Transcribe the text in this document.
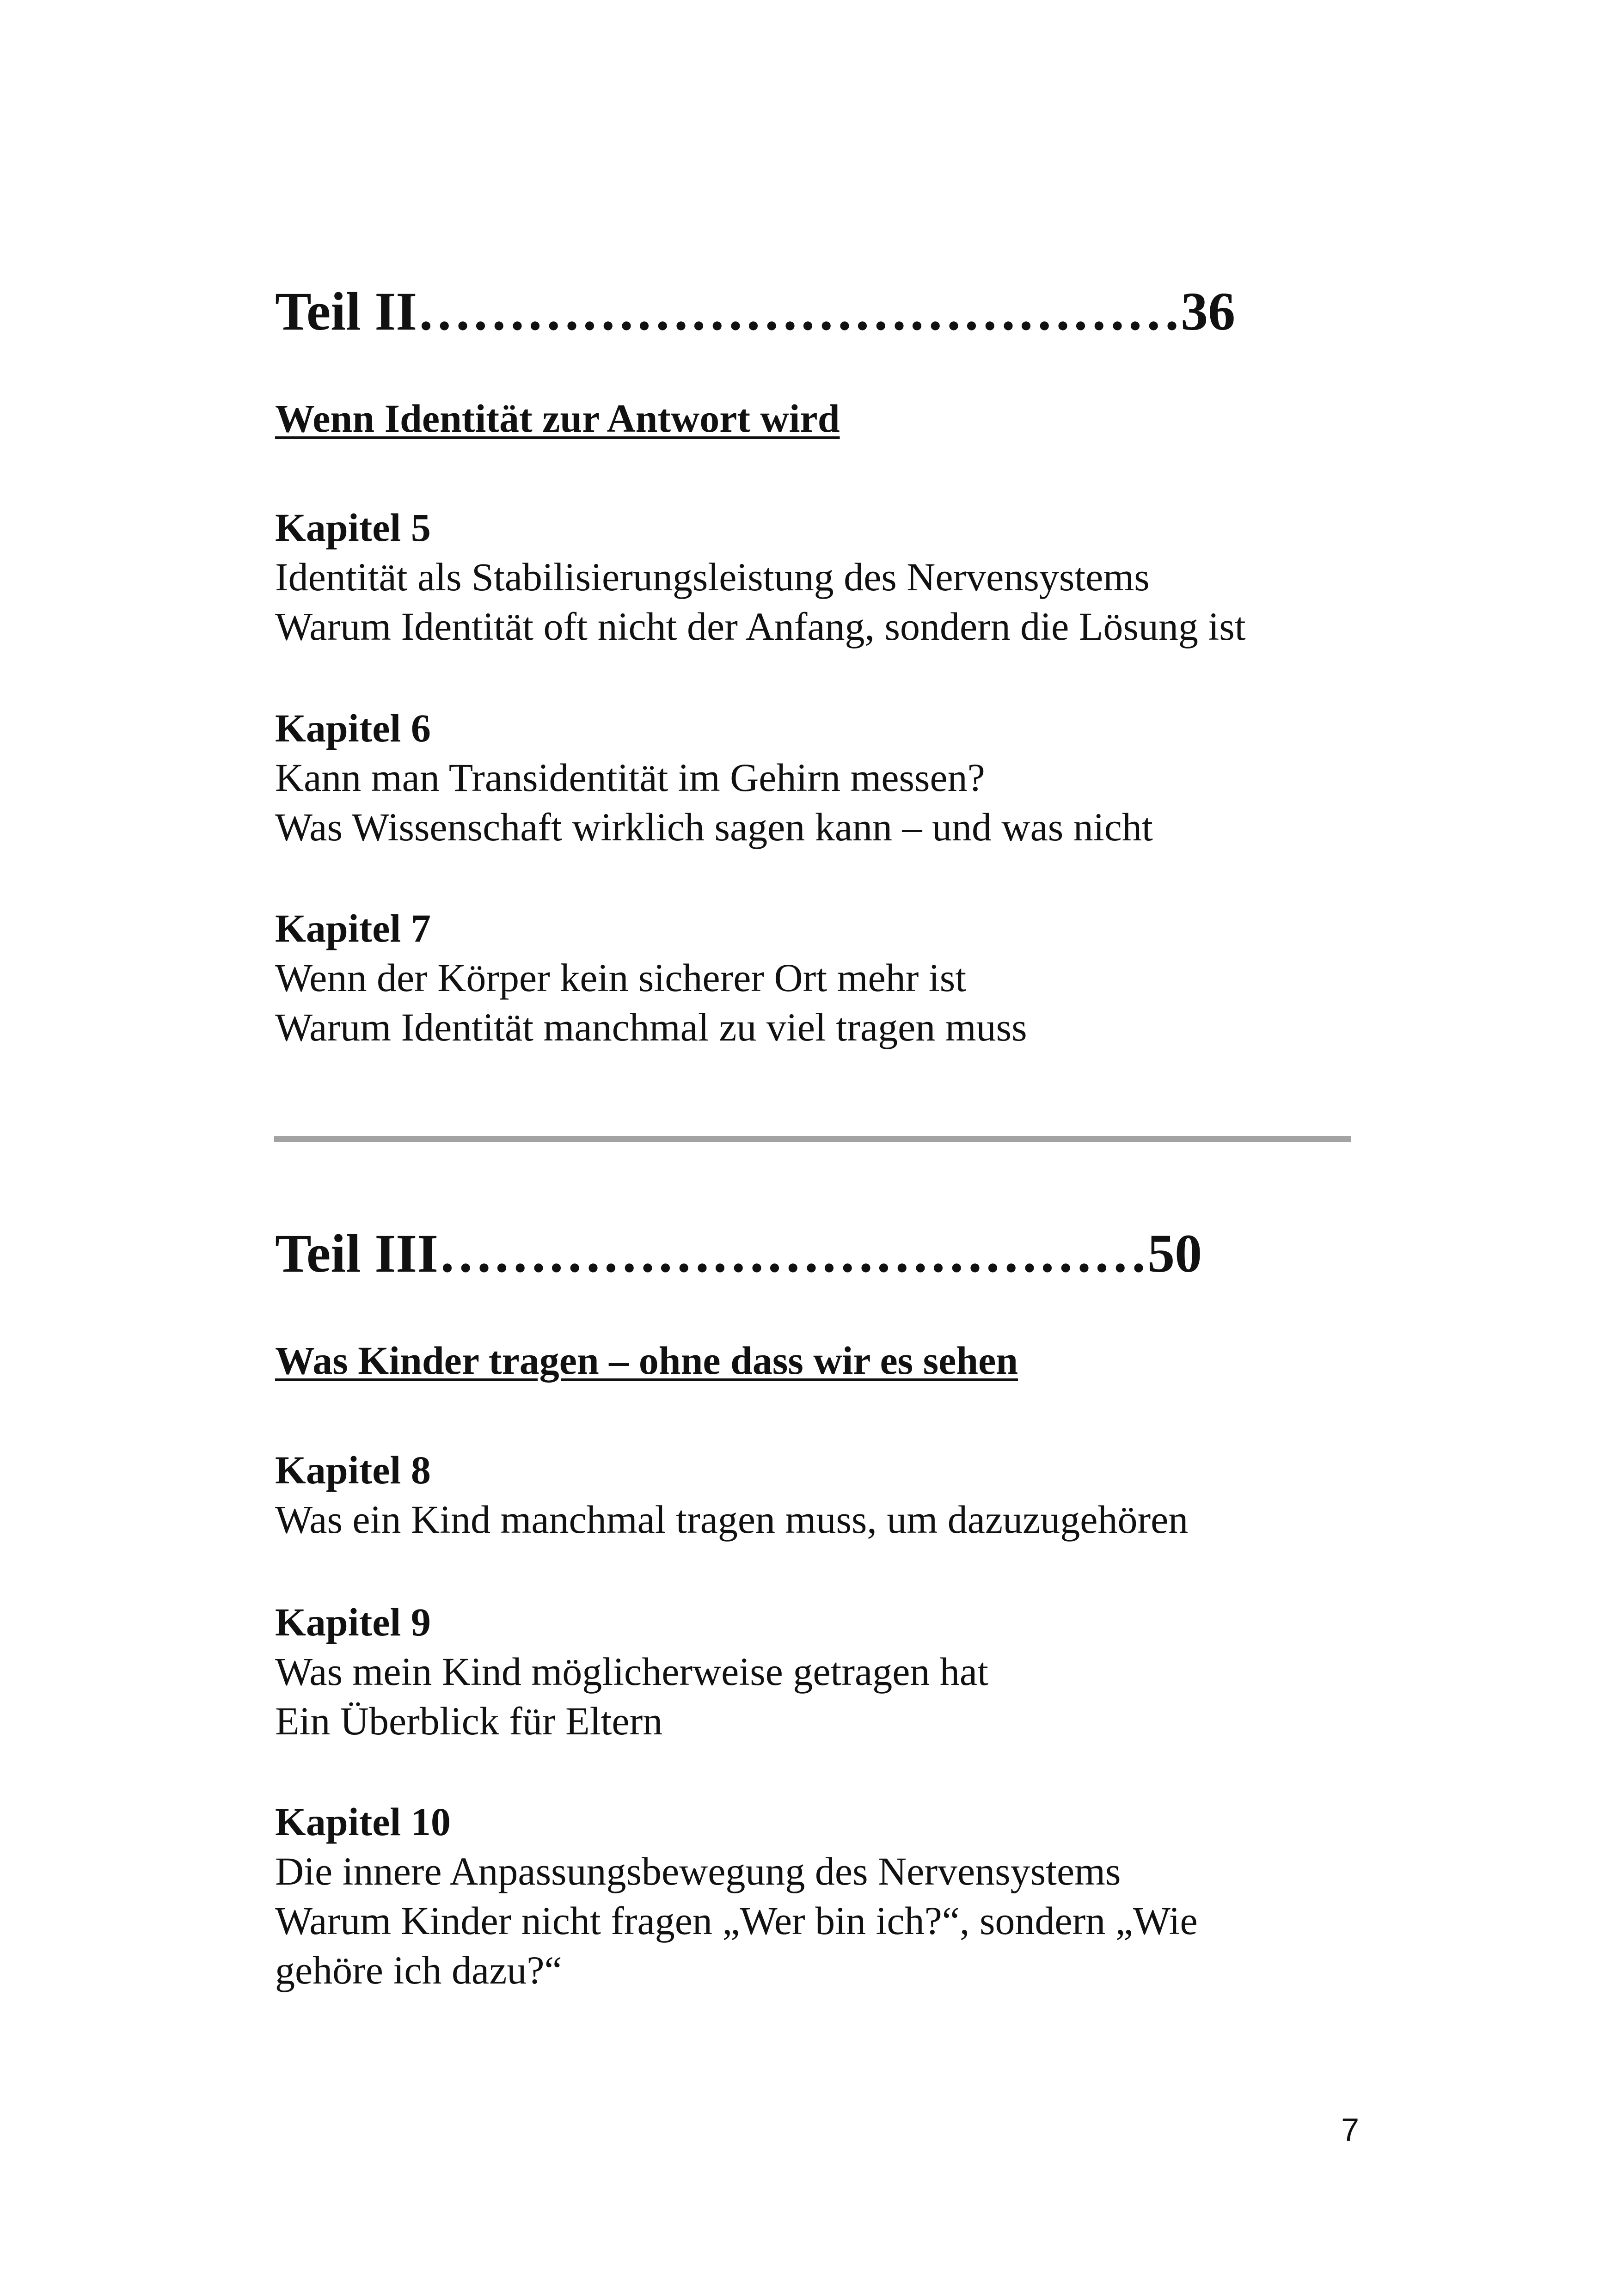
Teil II……………………………………36
Wenn Identität zur Antwort wird
Kapitel 5
Identität als Stabilisierungsleistung des Nervensystems
Warum Identität oft nicht der Anfang, sondern die Lösung ist
Kapitel 6
Kann man Transidentität im Gehirn messen?
Was Wissenschaft wirklich sagen kann – und was nicht
Kapitel 7
Wenn der Körper kein sicherer Ort mehr ist
Warum Identität manchmal zu viel tragen muss
Teil III…………………………………50
Was Kinder tragen – ohne dass wir es sehen
Kapitel 8
Was ein Kind manchmal tragen muss, um dazuzugehören
Kapitel 9
Was mein Kind möglicherweise getragen hat
Ein Überblick für Eltern
Kapitel 10
Die innere Anpassungsbewegung des Nervensystems
Warum Kinder nicht fragen „Wer bin ich?“, sondern „Wie
gehöre ich dazu?“
7
